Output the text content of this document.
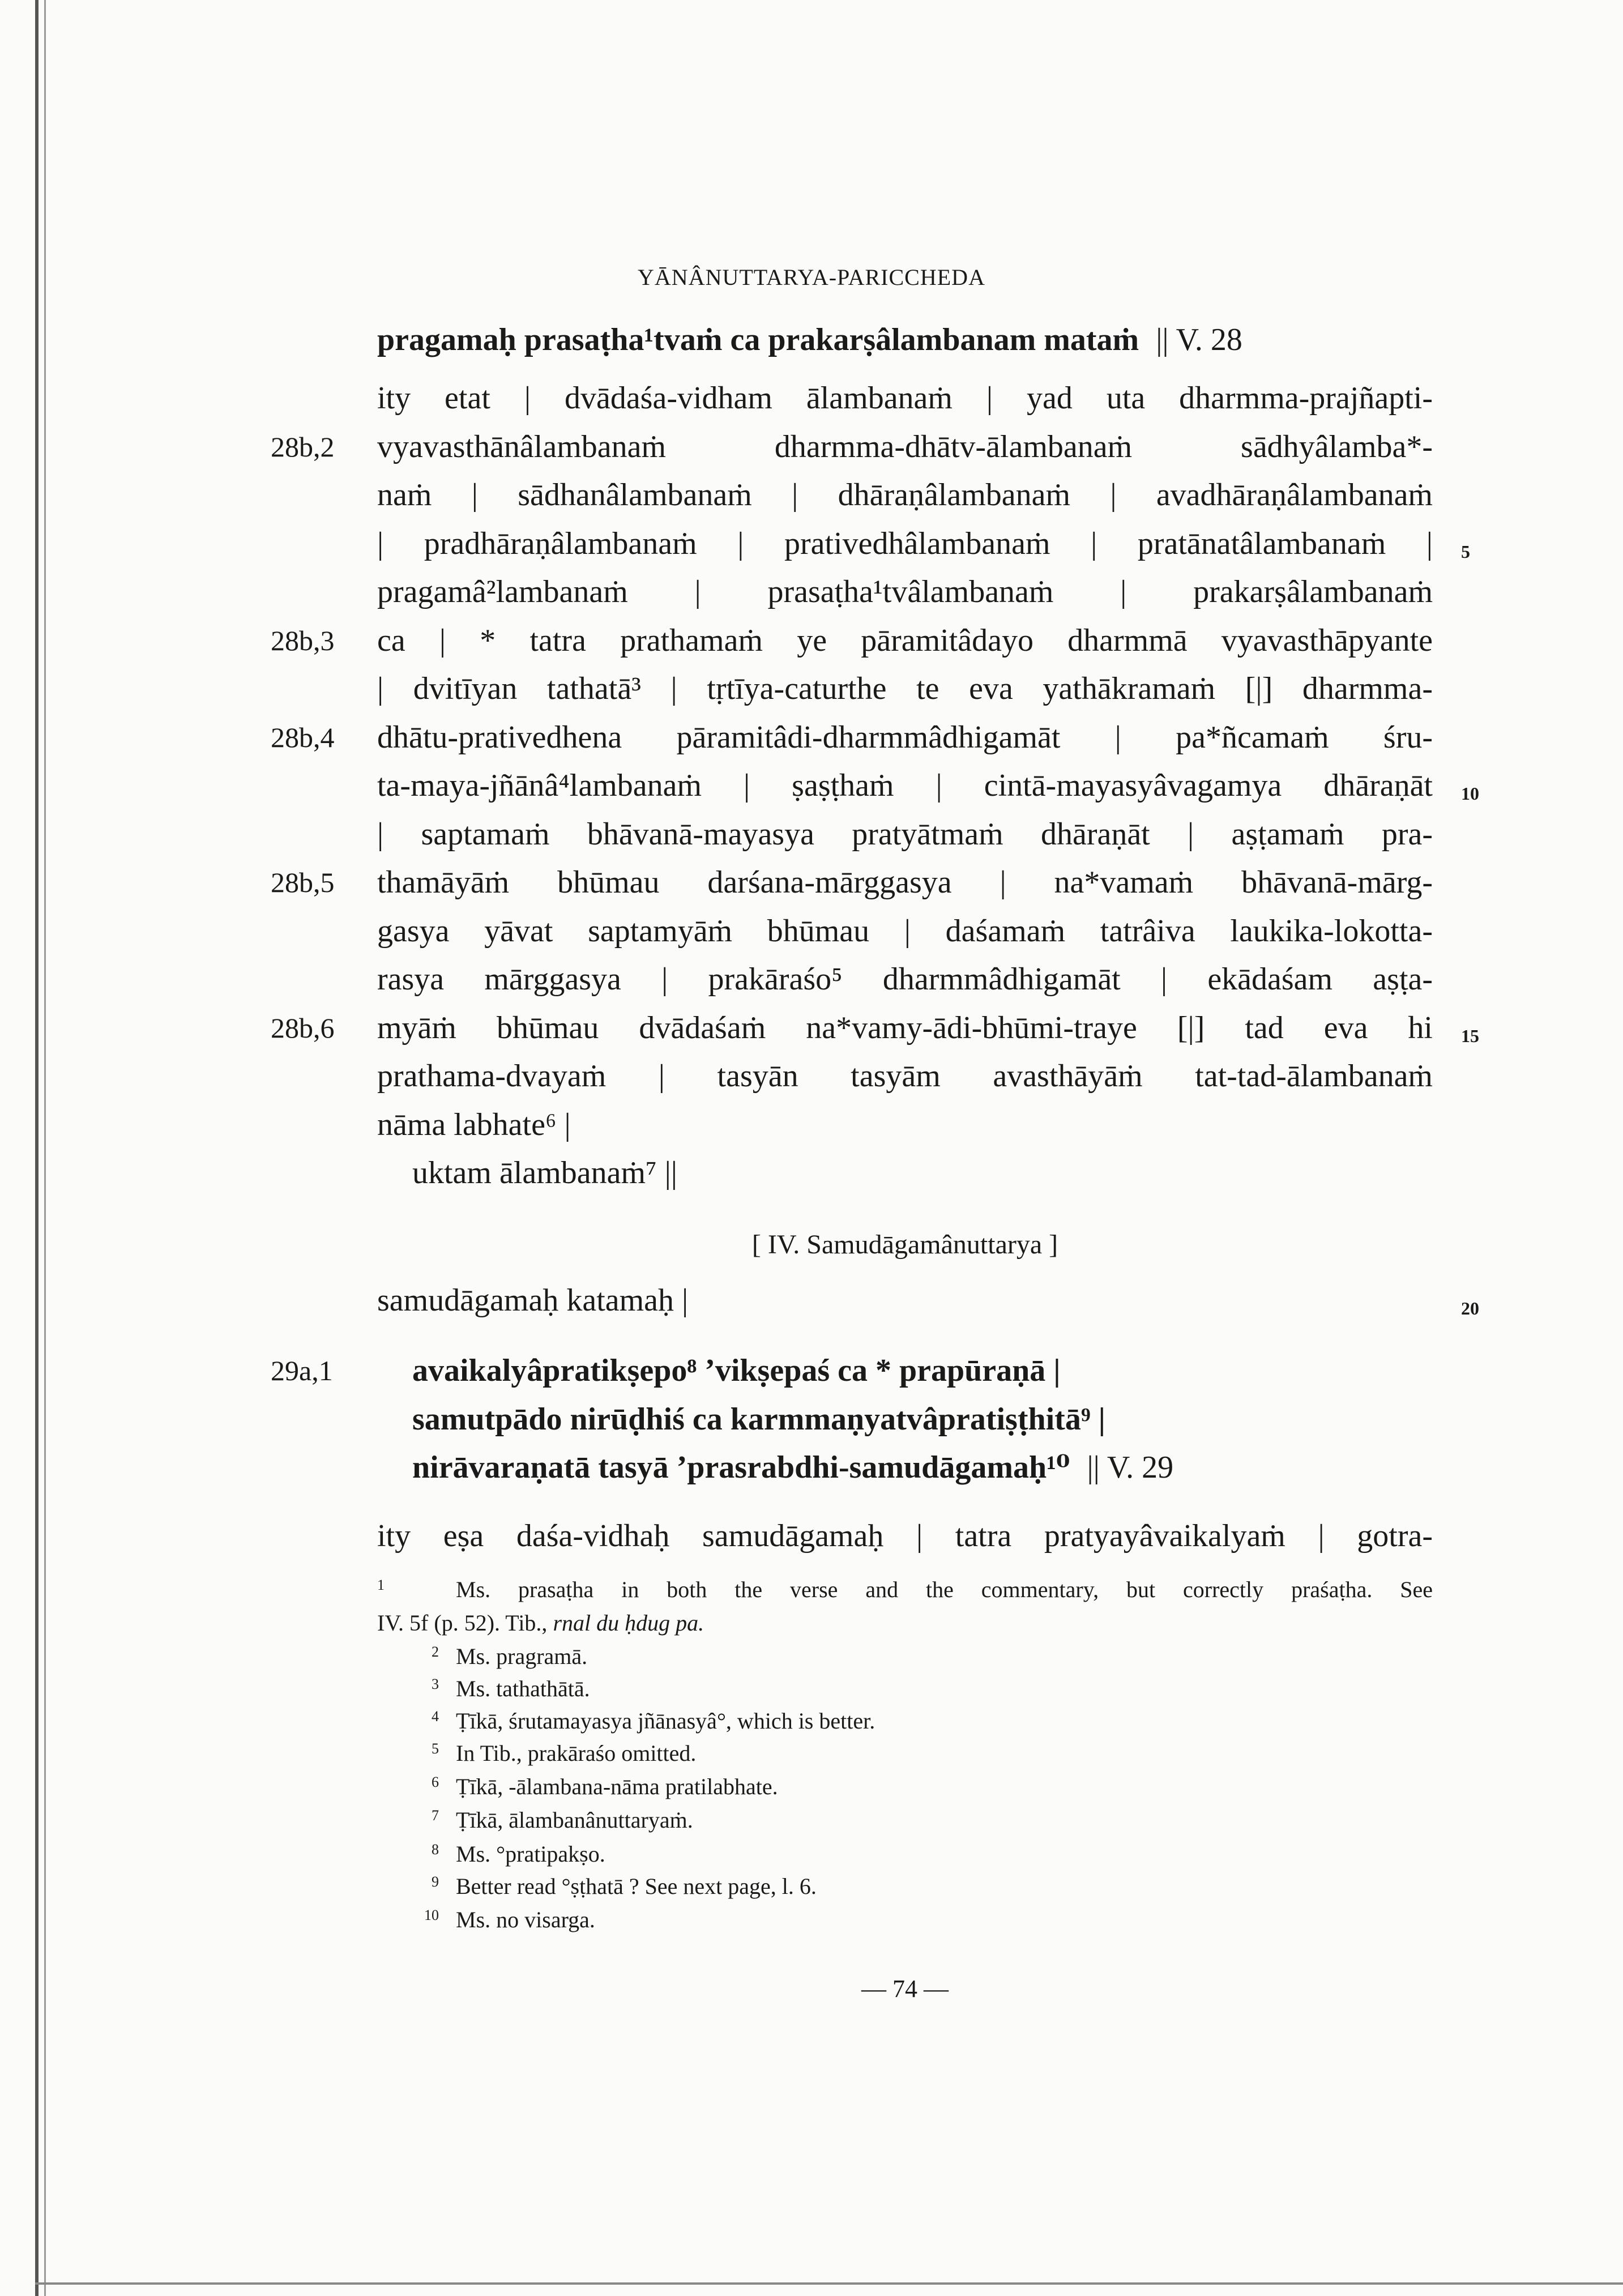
YĀNÂNUTTARYA-PARICCHEDA
pragamaḥ prasaṭha¹tvaṁ ca prakarṣâlambanam mataṁ || V. 28
ity etat | dvādaśa-vidham ālambanaṁ | yad uta dharmma-prajñapti-
vyavasthānâlambanaṁ dharmma-dhātv-ālambanaṁ sādhyâlamba*-
naṁ | sādhanâlambanaṁ | dhāraṇâlambanaṁ | avadhāraṇâlambanaṁ
| pradhāraṇâlambanaṁ | prativedhâlambanaṁ | pratānatâlambanaṁ |
pragamâ²lambanaṁ | prasaṭha¹tvâlambanaṁ | prakarṣâlambanaṁ
ca | * tatra prathamaṁ ye pāramitâdayo dharmmā vyavasthāpyante
| dvitīyan tathatā³ | tṛtīya-caturthe te eva yathākramaṁ [|] dharmma-
dhātu-prativedhena pāramitâdi-dharmmâdhigamāt | pa*ñcamaṁ śru-
ta-maya-jñānâ⁴lambanaṁ | ṣaṣṭhaṁ | cintā-mayasyâvagamya dhāraṇāt
| saptamaṁ bhāvanā-mayasya pratyātmaṁ dhāraṇāt | aṣṭamaṁ pra-
thamāyāṁ bhūmau darśana-mārggasya | na*vamaṁ bhāvanā-mārg-
gasya yāvat saptamyāṁ bhūmau | daśamaṁ tatrâiva laukika-lokotta-
rasya mārggasya | prakāraśo⁵ dharmmâdhigamāt | ekādaśam aṣṭa-
myāṁ bhūmau dvādaśaṁ na*vamy-ādi-bhūmi-traye [|] tad eva hi
prathama-dvayaṁ | tasyān tasyām avasthāyāṁ tat-tad-ālambanaṁ
nāma labhate⁶ |
uktam ālambanaṁ⁷ ||
[ IV. Samudāgamânuttarya ]
samudāgamaḥ katamaḥ |
avaikalyâpratikṣepo⁸ ’vikṣepaś ca * prapūraṇā |
samutpādo nirūḍhiś ca karmmaṇyatvâpratiṣṭhitā⁹ |
nirāvaraṇatā tasyā ’prasrabdhi-samudāgamaḥ¹⁰ || V. 29
ity eṣa daśa-vidhaḥ samudāgamaḥ | tatra pratyayâvaikalyaṁ | gotra-
28b,2
28b,3
28b,4
28b,5
28b,6
29a,1
5
10
15
20
1	Ms. prasaṭha in both the verse and the commentary, but correctly praśaṭha. See
IV. 5f (p. 52). Tib., rnal du ḥdug pa.
2 Ms. pragramā.
3 Ms. tathathātā.
4 Ṭīkā, śrutamayasya jñānasyâ°, which is better.
5 In Tib., prakāraśo omitted.
6 Ṭīkā, -ālambana-nāma pratilabhate.
7 Ṭīkā, ālambanânuttaryaṁ.
8 Ms. °pratipakṣo.
9 Better read °ṣṭhatā ? See next page, l. 6.
10 Ms. no visarga.
— 74 —
